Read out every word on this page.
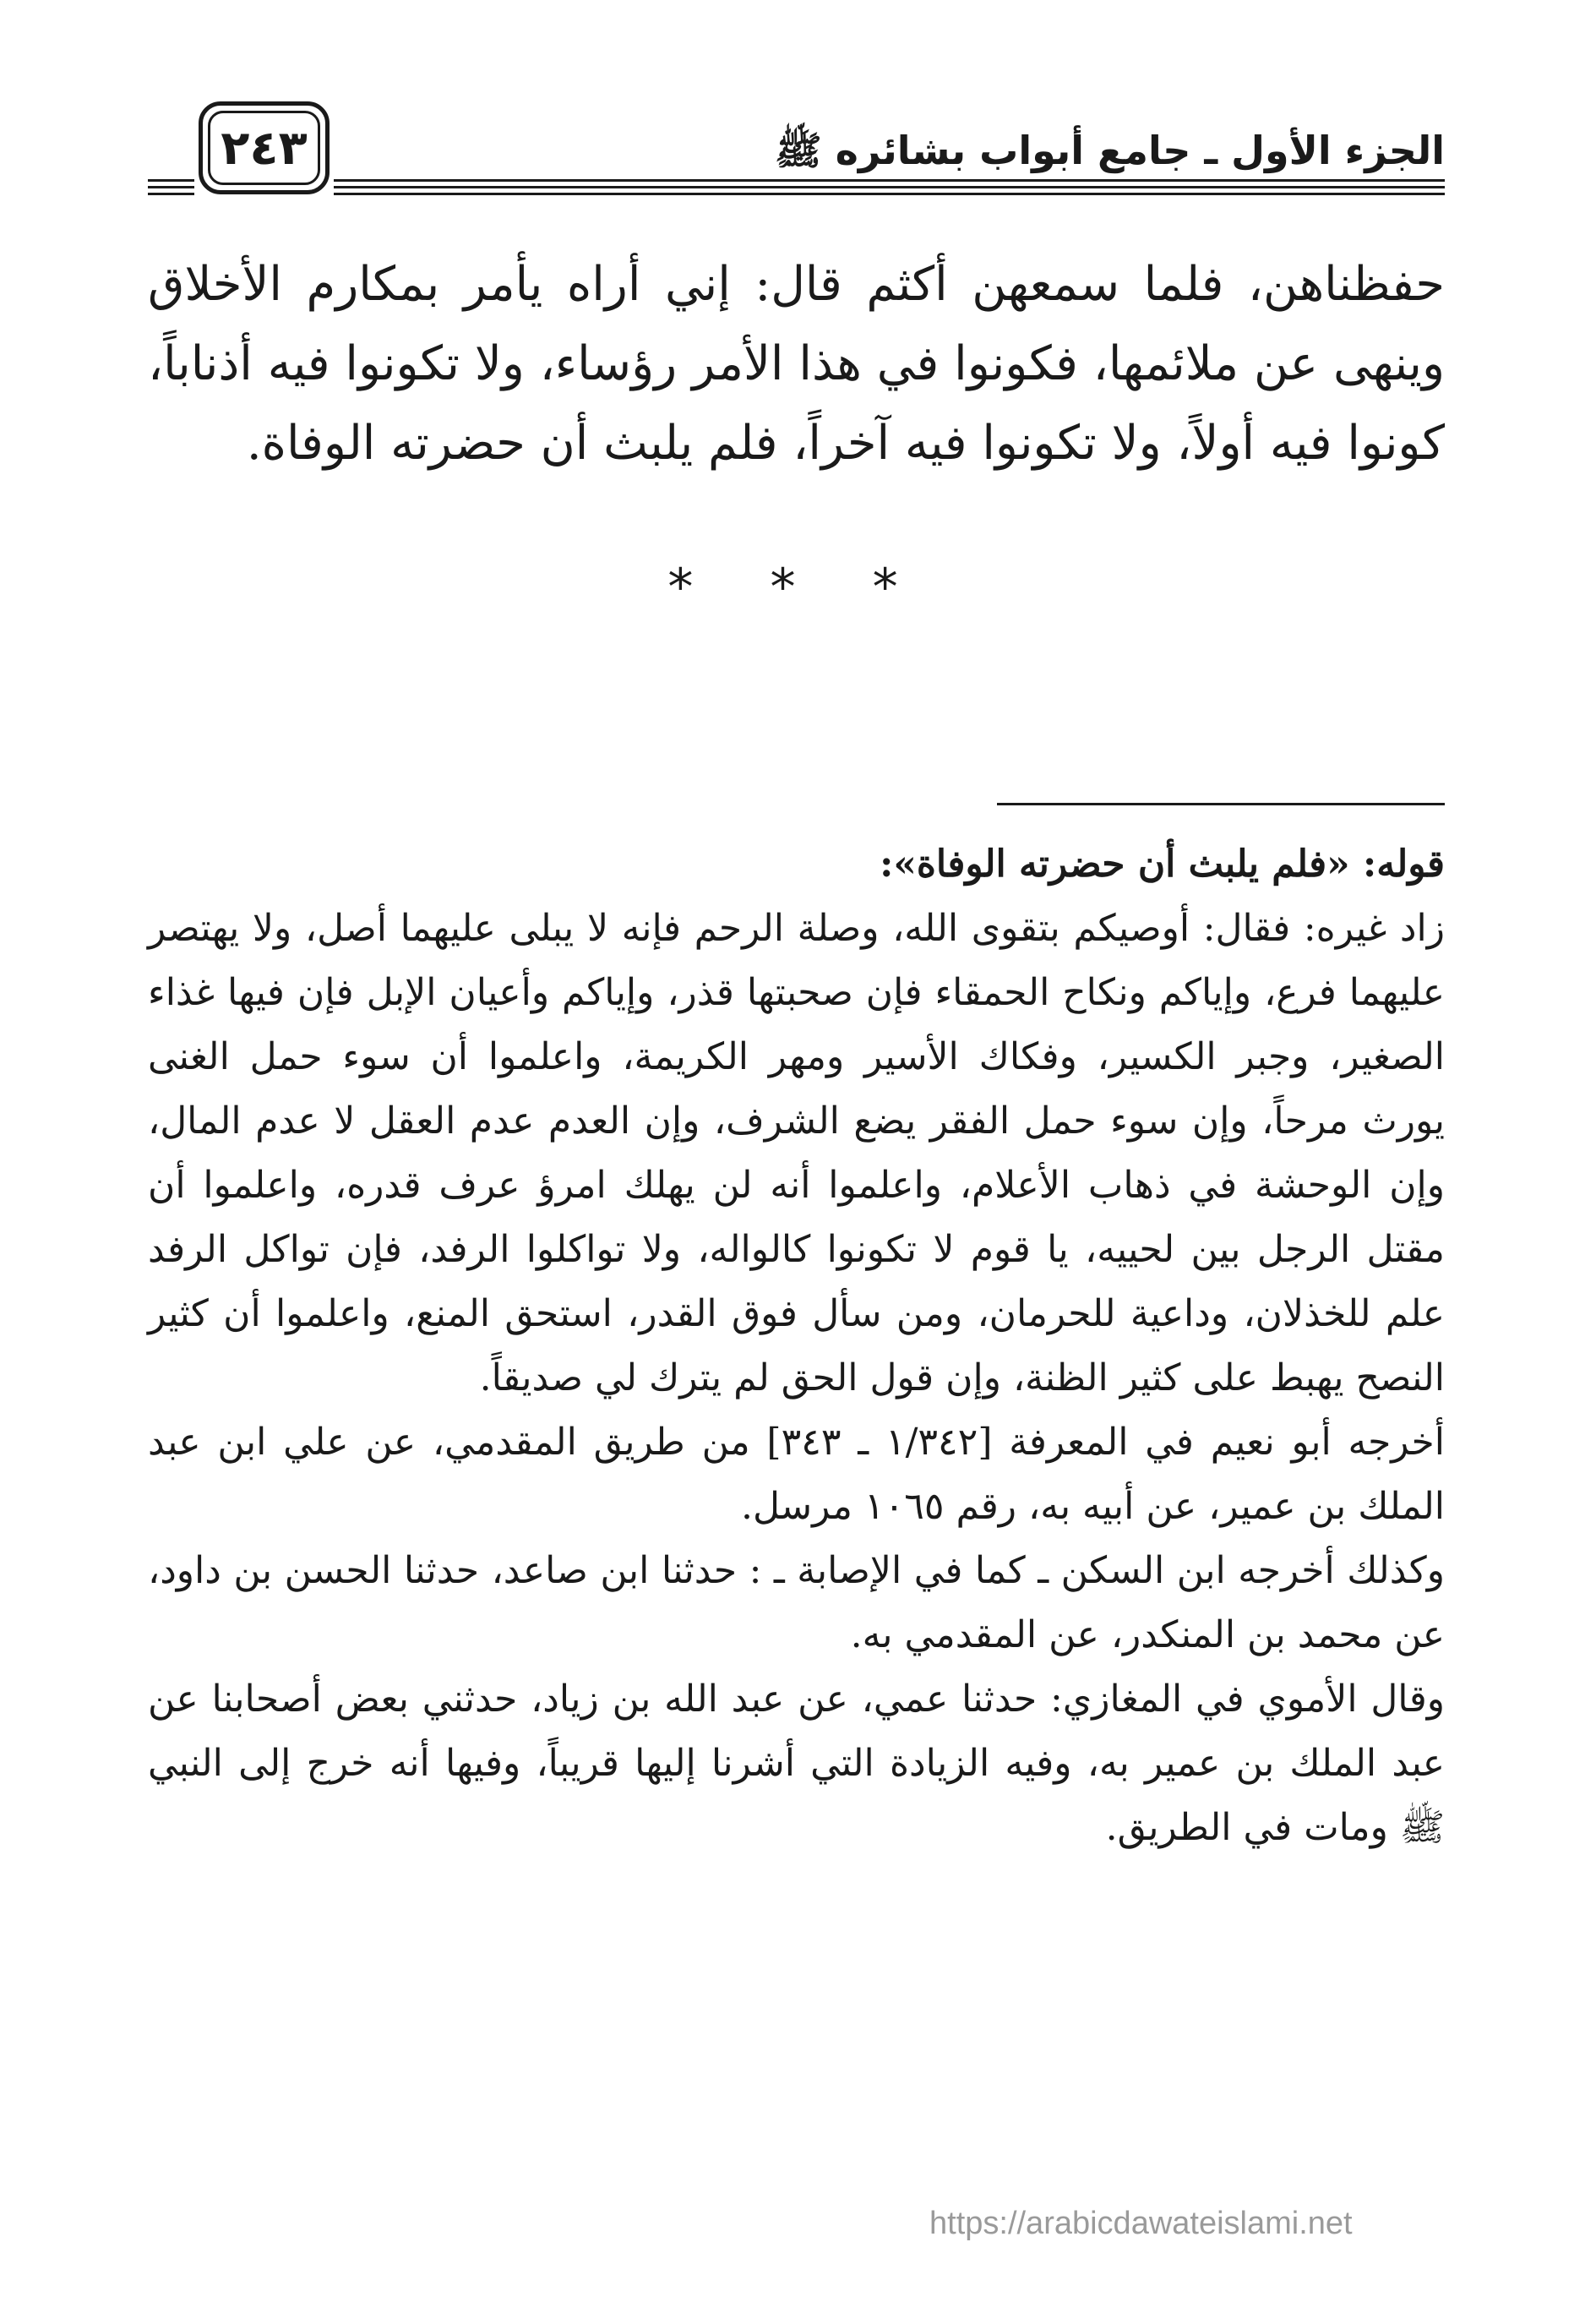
الجزء الأول ـ جامع أبواب بشائره ﷺ
٢٤٣
حفظناهن، فلما سمعهن أكثم قال: إني أراه يأمر بمكارم الأخلاق وينهى عن ملائمها، فكونوا في هذا الأمر رؤساء، ولا تكونوا فيه أذناباً، كونوا فيه أولاً، ولا تكونوا فيه آخراً، فلم يلبث أن حضرته الوفاة.
* * *

قوله: «فلم يلبث أن حضرته الوفاة»:

زاد غيره: فقال: أوصيكم بتقوى الله، وصلة الرحم فإنه لا يبلى عليهما أصل، ولا يهتصر عليهما فرع، وإياكم ونكاح الحمقاء فإن صحبتها قذر، وإياكم وأعيان الإبل فإن فيها غذاء الصغير، وجبر الكسير، وفكاك الأسير ومهر الكريمة، واعلموا أن سوء حمل الغنى يورث مرحاً، وإن سوء حمل الفقر يضع الشرف، وإن العدم عدم العقل لا عدم المال، وإن الوحشة في ذهاب الأعلام، واعلموا أنه لن يهلك امرؤ عرف قدره، واعلموا أن مقتل الرجل بين لحييه، يا قوم لا تكونوا كالواله، ولا تواكلوا الرفد، فإن تواكل الرفد علم للخذلان، وداعية للحرمان، ومن سأل فوق القدر، استحق المنع، واعلموا أن كثير النصح يهبط على كثير الظنة، وإن قول الحق لم يترك لي صديقاً.

أخرجه أبو نعيم في المعرفة [١/٣٤٢ ـ ٣٤٣] من طريق المقدمي، عن علي ابن عبد الملك بن عمير، عن أبيه به، رقم ١٠٦٥ مرسل.

وكذلك أخرجه ابن السكن ـ كما في الإصابة ـ : حدثنا ابن صاعد، حدثنا الحسن بن داود، عن محمد بن المنكدر، عن المقدمي به.

وقال الأموي في المغازي: حدثنا عمي، عن عبد الله بن زياد، حدثني بعض أصحابنا عن عبد الملك بن عمير به، وفيه الزيادة التي أشرنا إليها قريباً، وفيها أنه خرج إلى النبي ﷺ ومات في الطريق.

https://arabicdawateislami.net
